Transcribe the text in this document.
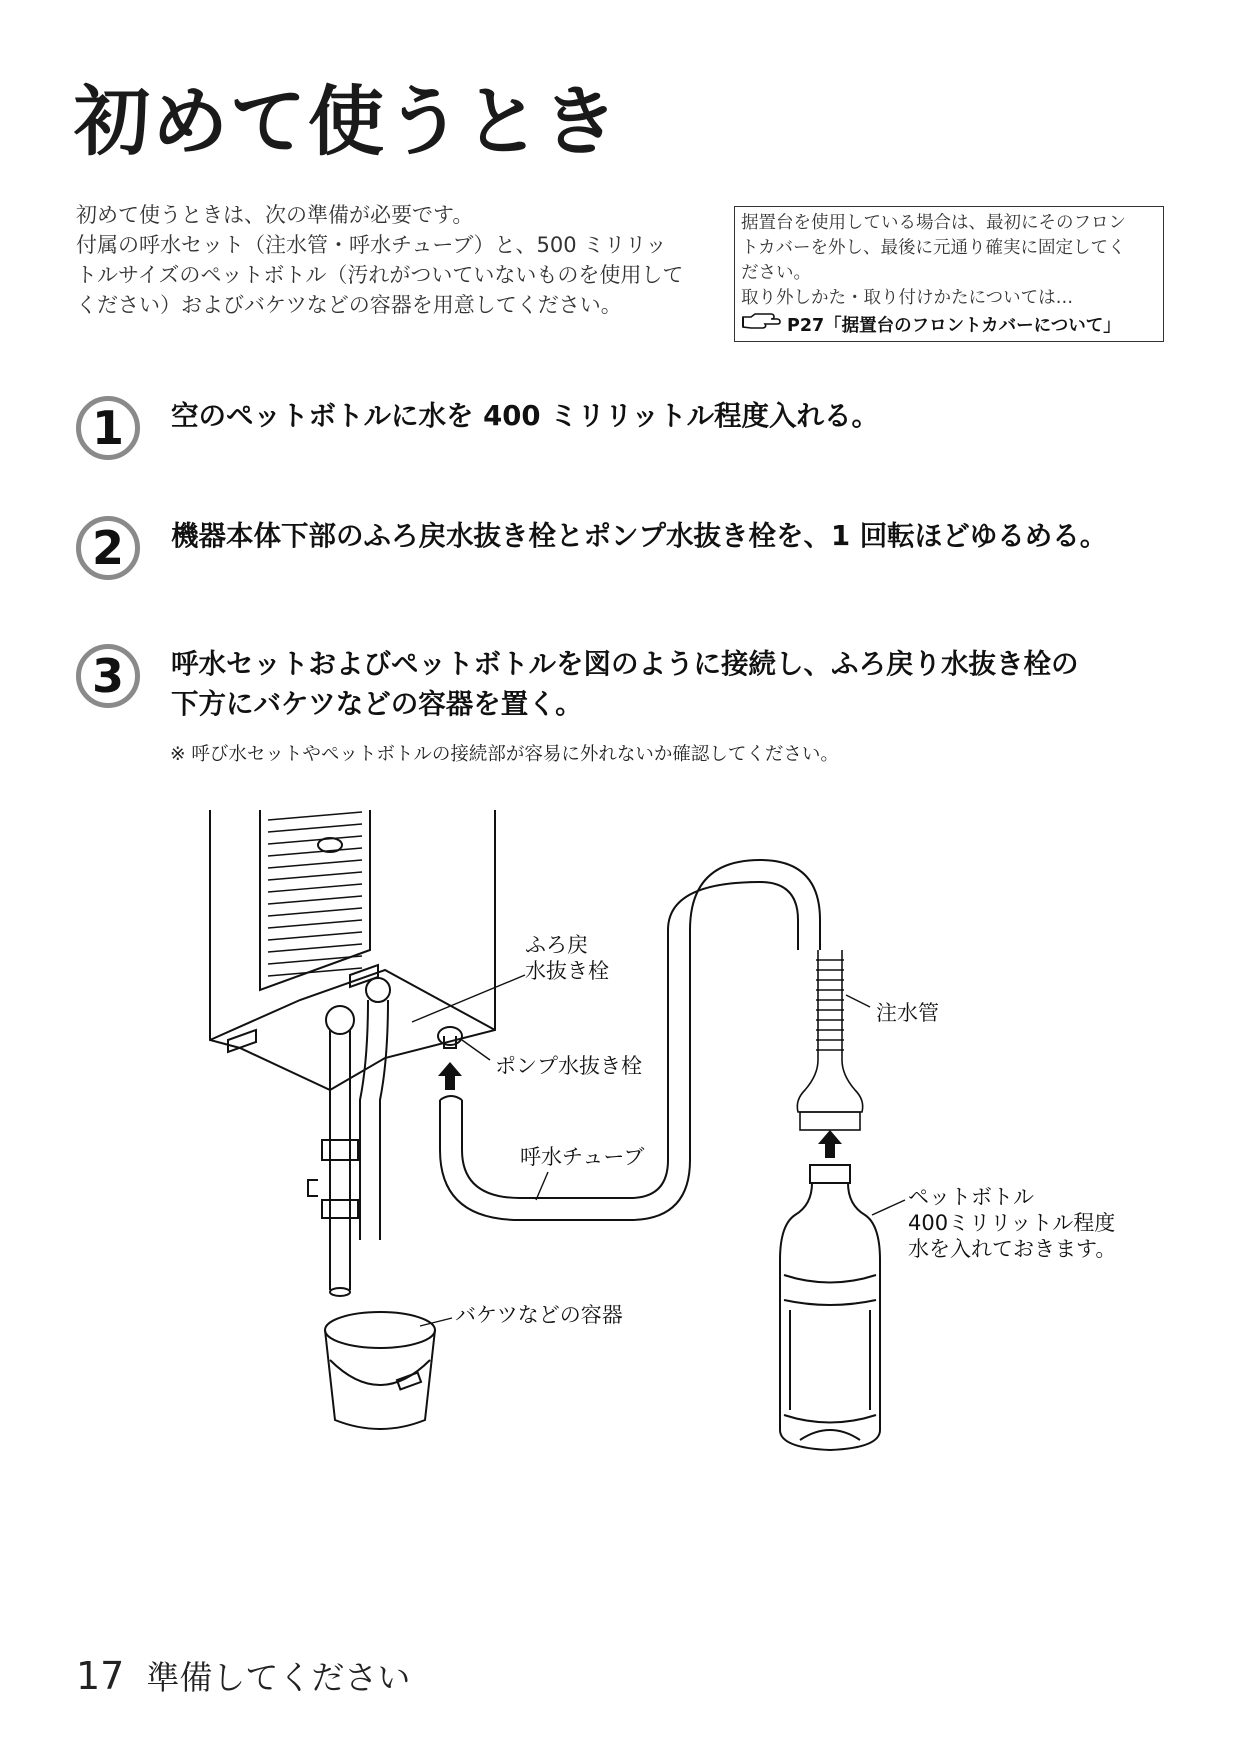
初めて使うとき
初めて使うときは、次の準備が必要です。
付属の呼水セット（注水管・呼水チューブ）と、500 ミリリッ
トルサイズのペットボトル（汚れがついていないものを使用して
ください）およびバケツなどの容器を用意してください。
据置台を使用している場合は、最初にそのフロン
トカバーを外し、最後に元通り確実に固定してく
ださい。
取り外しかた・取り付けかたについては…
P27「据置台のフロントカバーについて」
1	空のペットボトルに水を 400 ミリリットル程度入れる。
2	機器本体下部のふろ戻水抜き栓とポンプ水抜き栓を、1 回転ほどゆるめる。
3	呼水セットおよびペットボトルを図のように接続し、ふろ戻り水抜き栓の
下方にバケツなどの容器を置く。
※ 呼び水セットやペットボトルの接続部が容易に外れないか確認してください。
ふろ戻
水抜き栓
ポンプ水抜き栓
注水管
呼水チューブ
ペットボトル
400ミリリットル程度
水を入れておきます。
バケツなどの容器
17 準備してください
